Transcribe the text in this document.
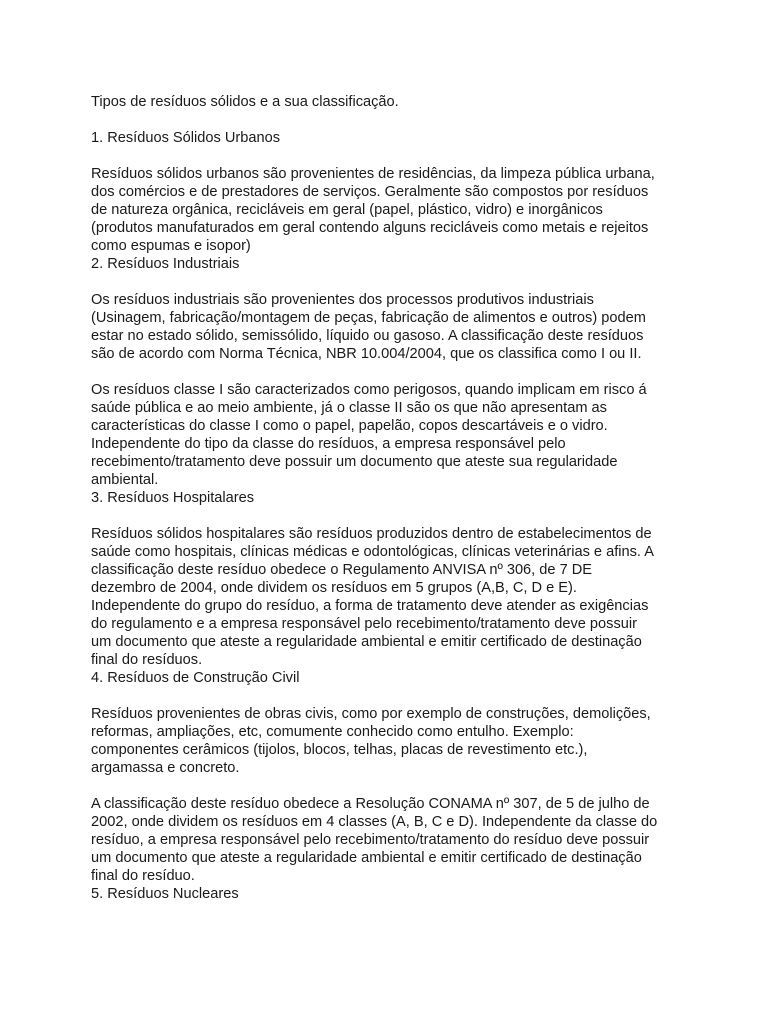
Tipos de resíduos sólidos e a sua classificação.
1. Resíduos Sólidos Urbanos
Resíduos sólidos urbanos são provenientes de residências, da limpeza pública urbana,
dos comércios e de prestadores de serviços. Geralmente são compostos por resíduos
de natureza orgânica, recicláveis em geral (papel, plástico, vidro) e inorgânicos
(produtos manufaturados em geral contendo alguns recicláveis como metais e rejeitos
como espumas e isopor)
2. Resíduos Industriais
Os resíduos industriais são provenientes dos processos produtivos industriais
(Usinagem, fabricação/montagem de peças, fabricação de alimentos e outros) podem
estar no estado sólido, semissólido, líquido ou gasoso. A classificação deste resíduos
são de acordo com Norma Técnica, NBR 10.004/2004, que os classifica como I ou II.
Os resíduos classe I são caracterizados como perigosos, quando implicam em risco á
saúde pública e ao meio ambiente, já o classe II são os que não apresentam as
características do classe I como o papel, papelão, copos descartáveis e o vidro.
Independente do tipo da classe do resíduos, a empresa responsável pelo
recebimento/tratamento deve possuir um documento que ateste sua regularidade
ambiental.
3. Resíduos Hospitalares
Resíduos sólidos hospitalares são resíduos produzidos dentro de estabelecimentos de
saúde como hospitais, clínicas médicas e odontológicas, clínicas veterinárias e afins. A
classificação deste resíduo obedece o Regulamento ANVISA nº 306, de 7 DE
dezembro de 2004, onde dividem os resíduos em 5 grupos (A,B, C, D e E).
Independente do grupo do resíduo, a forma de tratamento deve atender as exigências
do regulamento e a empresa responsável pelo recebimento/tratamento deve possuir
um documento que ateste a regularidade ambiental e emitir certificado de destinação
final do resíduos.
4. Resíduos de Construção Civil
Resíduos provenientes de obras civis, como por exemplo de construções, demolições,
reformas, ampliações, etc, comumente conhecido como entulho. Exemplo:
componentes cerâmicos (tijolos, blocos, telhas, placas de revestimento etc.),
argamassa e concreto.
A classificação deste resíduo obedece a Resolução CONAMA nº 307, de 5 de julho de
2002, onde dividem os resíduos em 4 classes (A, B, C e D). Independente da classe do
resíduo, a empresa responsável pelo recebimento/tratamento do resíduo deve possuir
um documento que ateste a regularidade ambiental e emitir certificado de destinação
final do resíduo.
5. Resíduos Nucleares
